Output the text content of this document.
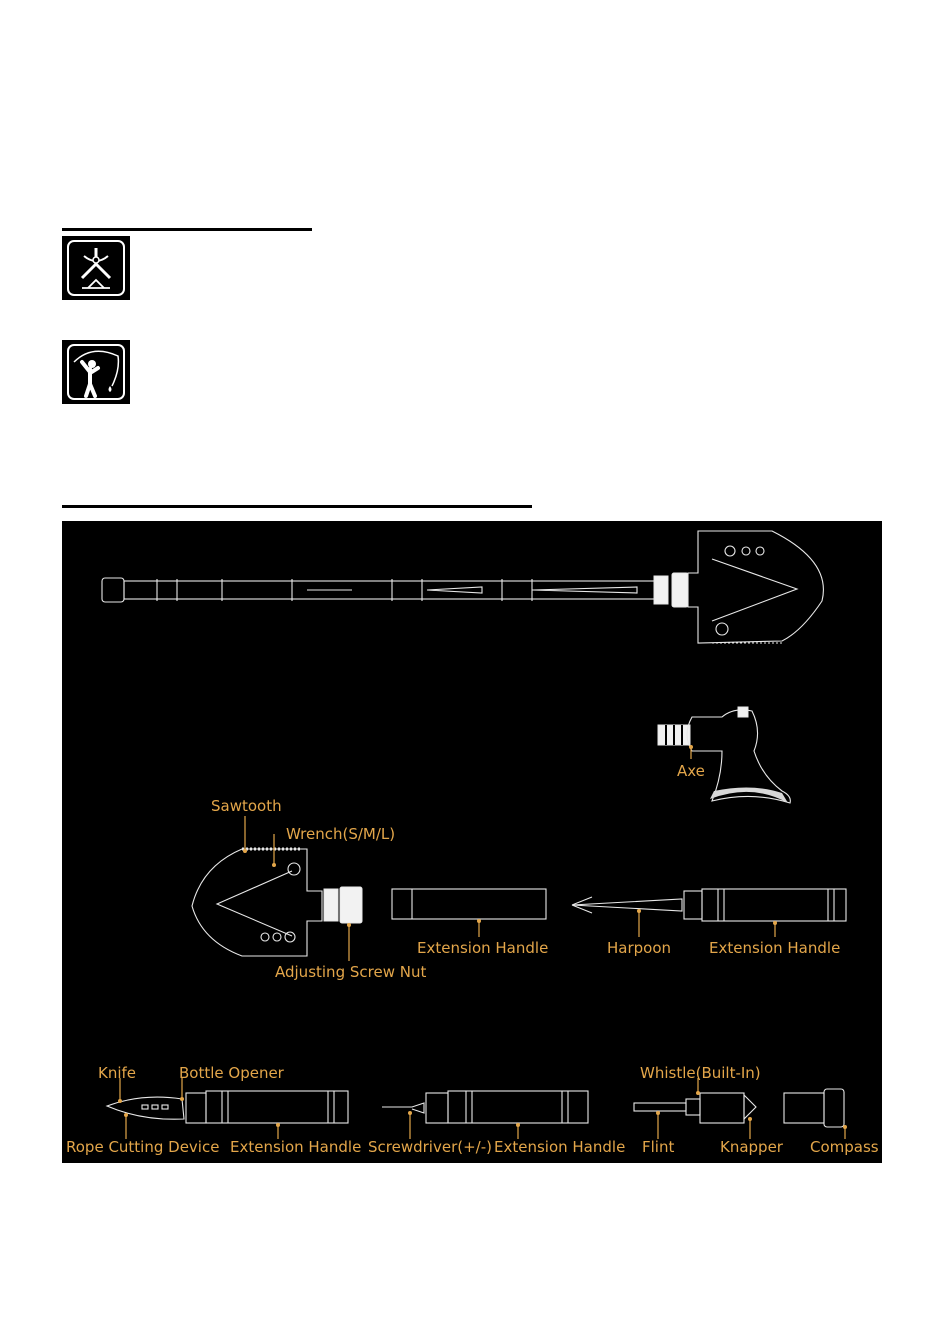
Axe
Sawtooth
Wrench(S/M/L)
Adjusting Screw Nut
Extension Handle	Harpoon	Extension Handle
Knife	Bottle Opener
Rope Cutting Device Extension Handle Screwdriver(+/-) Extension Handle
Whistle(Built-In)
Flint	Knapper Compass
